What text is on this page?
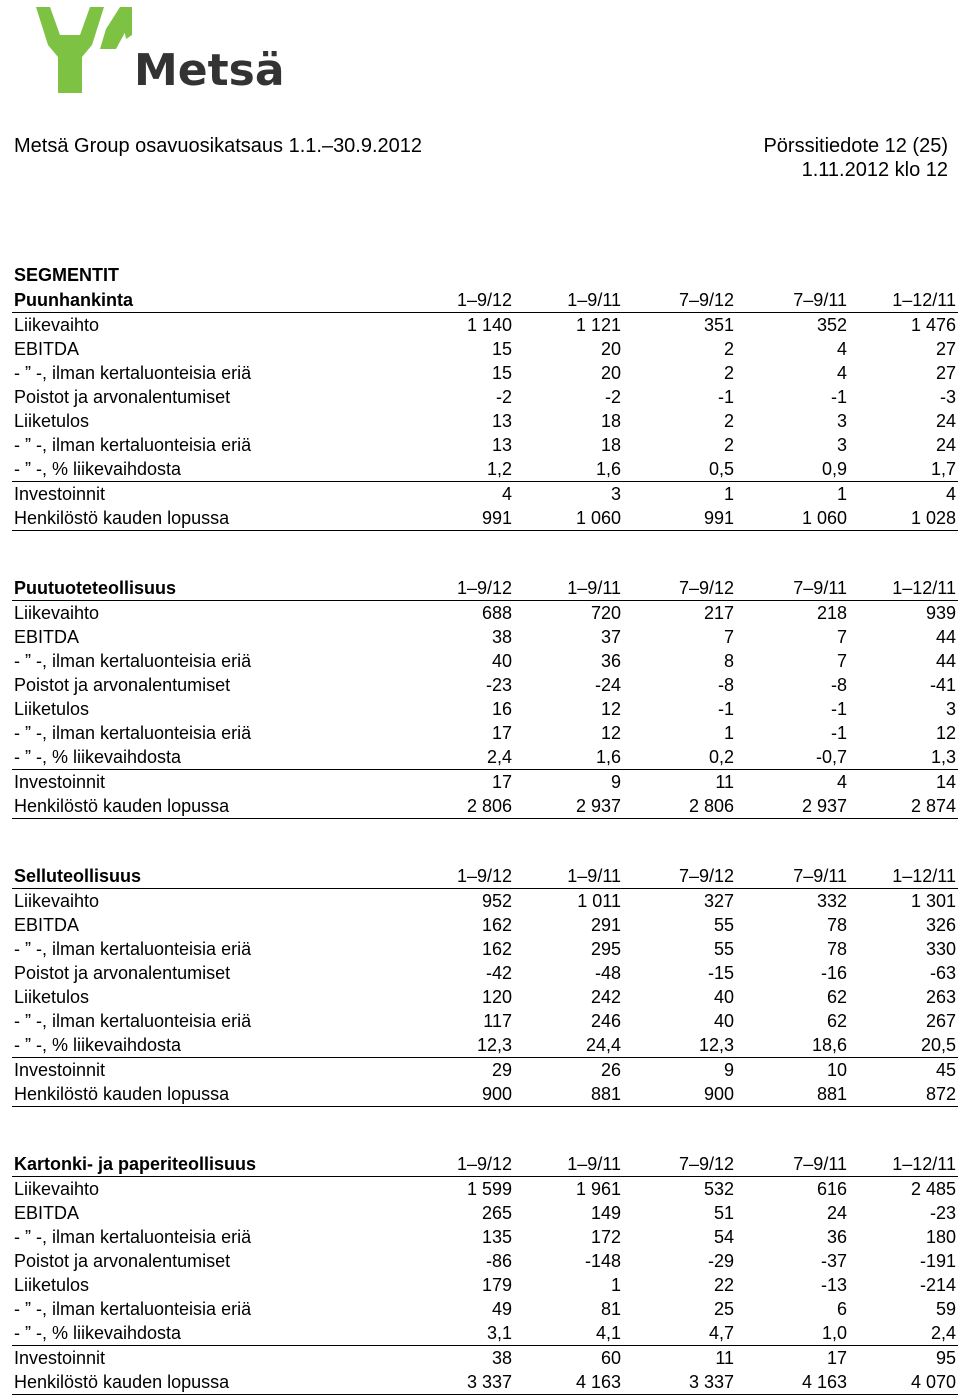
Metsä
Metsä Group osavuosikatsaus 1.1.–30.9.2012	Pörssitiedote 12 (25)
1.11.2012 klo 12
SEGMENTIT
Puunhankinta	1–9/12	1–9/11	7–9/12	7–9/11	1–12/11
Liikevaihto	1 140	1 121	351	352	1 476
EBITDA	15	20	2	4	27
- ” -, ilman kertaluonteisia eriä	15	20	2	4	27
Poistot ja arvonalentumiset	-2	-2	-1	-1	-3
Liiketulos	13	18	2	3	24
- ” -, ilman kertaluonteisia eriä	13	18	2	3	24
- ” -, % liikevaihdosta	1,2	1,6	0,5	0,9	1,7
Investoinnit	4	3	1	1	4
Henkilöstö kauden lopussa	991	1 060	991	1 060	1 028
Puutuoteteollisuus	1–9/12	1–9/11	7–9/12	7–9/11	1–12/11
Liikevaihto	688	720	217	218	939
EBITDA	38	37	7	7	44
- ” -, ilman kertaluonteisia eriä	40	36	8	7	44
Poistot ja arvonalentumiset	-23	-24	-8	-8	-41
Liiketulos	16	12	-1	-1	3
- ” -, ilman kertaluonteisia eriä	17	12	1	-1	12
- ” -, % liikevaihdosta	2,4	1,6	0,2	-0,7	1,3
Investoinnit	17	9	11	4	14
Henkilöstö kauden lopussa	2 806	2 937	2 806	2 937	2 874
Selluteollisuus	1–9/12	1–9/11	7–9/12	7–9/11	1–12/11
Liikevaihto	952	1 011	327	332	1 301
EBITDA	162	291	55	78	326
- ” -, ilman kertaluonteisia eriä	162	295	55	78	330
Poistot ja arvonalentumiset	-42	-48	-15	-16	-63
Liiketulos	120	242	40	62	263
- ” -, ilman kertaluonteisia eriä	117	246	40	62	267
- ” -, % liikevaihdosta	12,3	24,4	12,3	18,6	20,5
Investoinnit	29	26	9	10	45
Henkilöstö kauden lopussa	900	881	900	881	872
Kartonki- ja paperiteollisuus	1–9/12	1–9/11	7–9/12	7–9/11	1–12/11
Liikevaihto	1 599	1 961	532	616	2 485
EBITDA	265	149	51	24	-23
- ” -, ilman kertaluonteisia eriä	135	172	54	36	180
Poistot ja arvonalentumiset	-86	-148	-29	-37	-191
Liiketulos	179	1	22	-13	-214
- ” -, ilman kertaluonteisia eriä	49	81	25	6	59
- ” -, % liikevaihdosta	3,1	4,1	4,7	1,0	2,4
Investoinnit	38	60	11	17	95
Henkilöstö kauden lopussa	3 337	4 163	3 337	4 163	4 070
